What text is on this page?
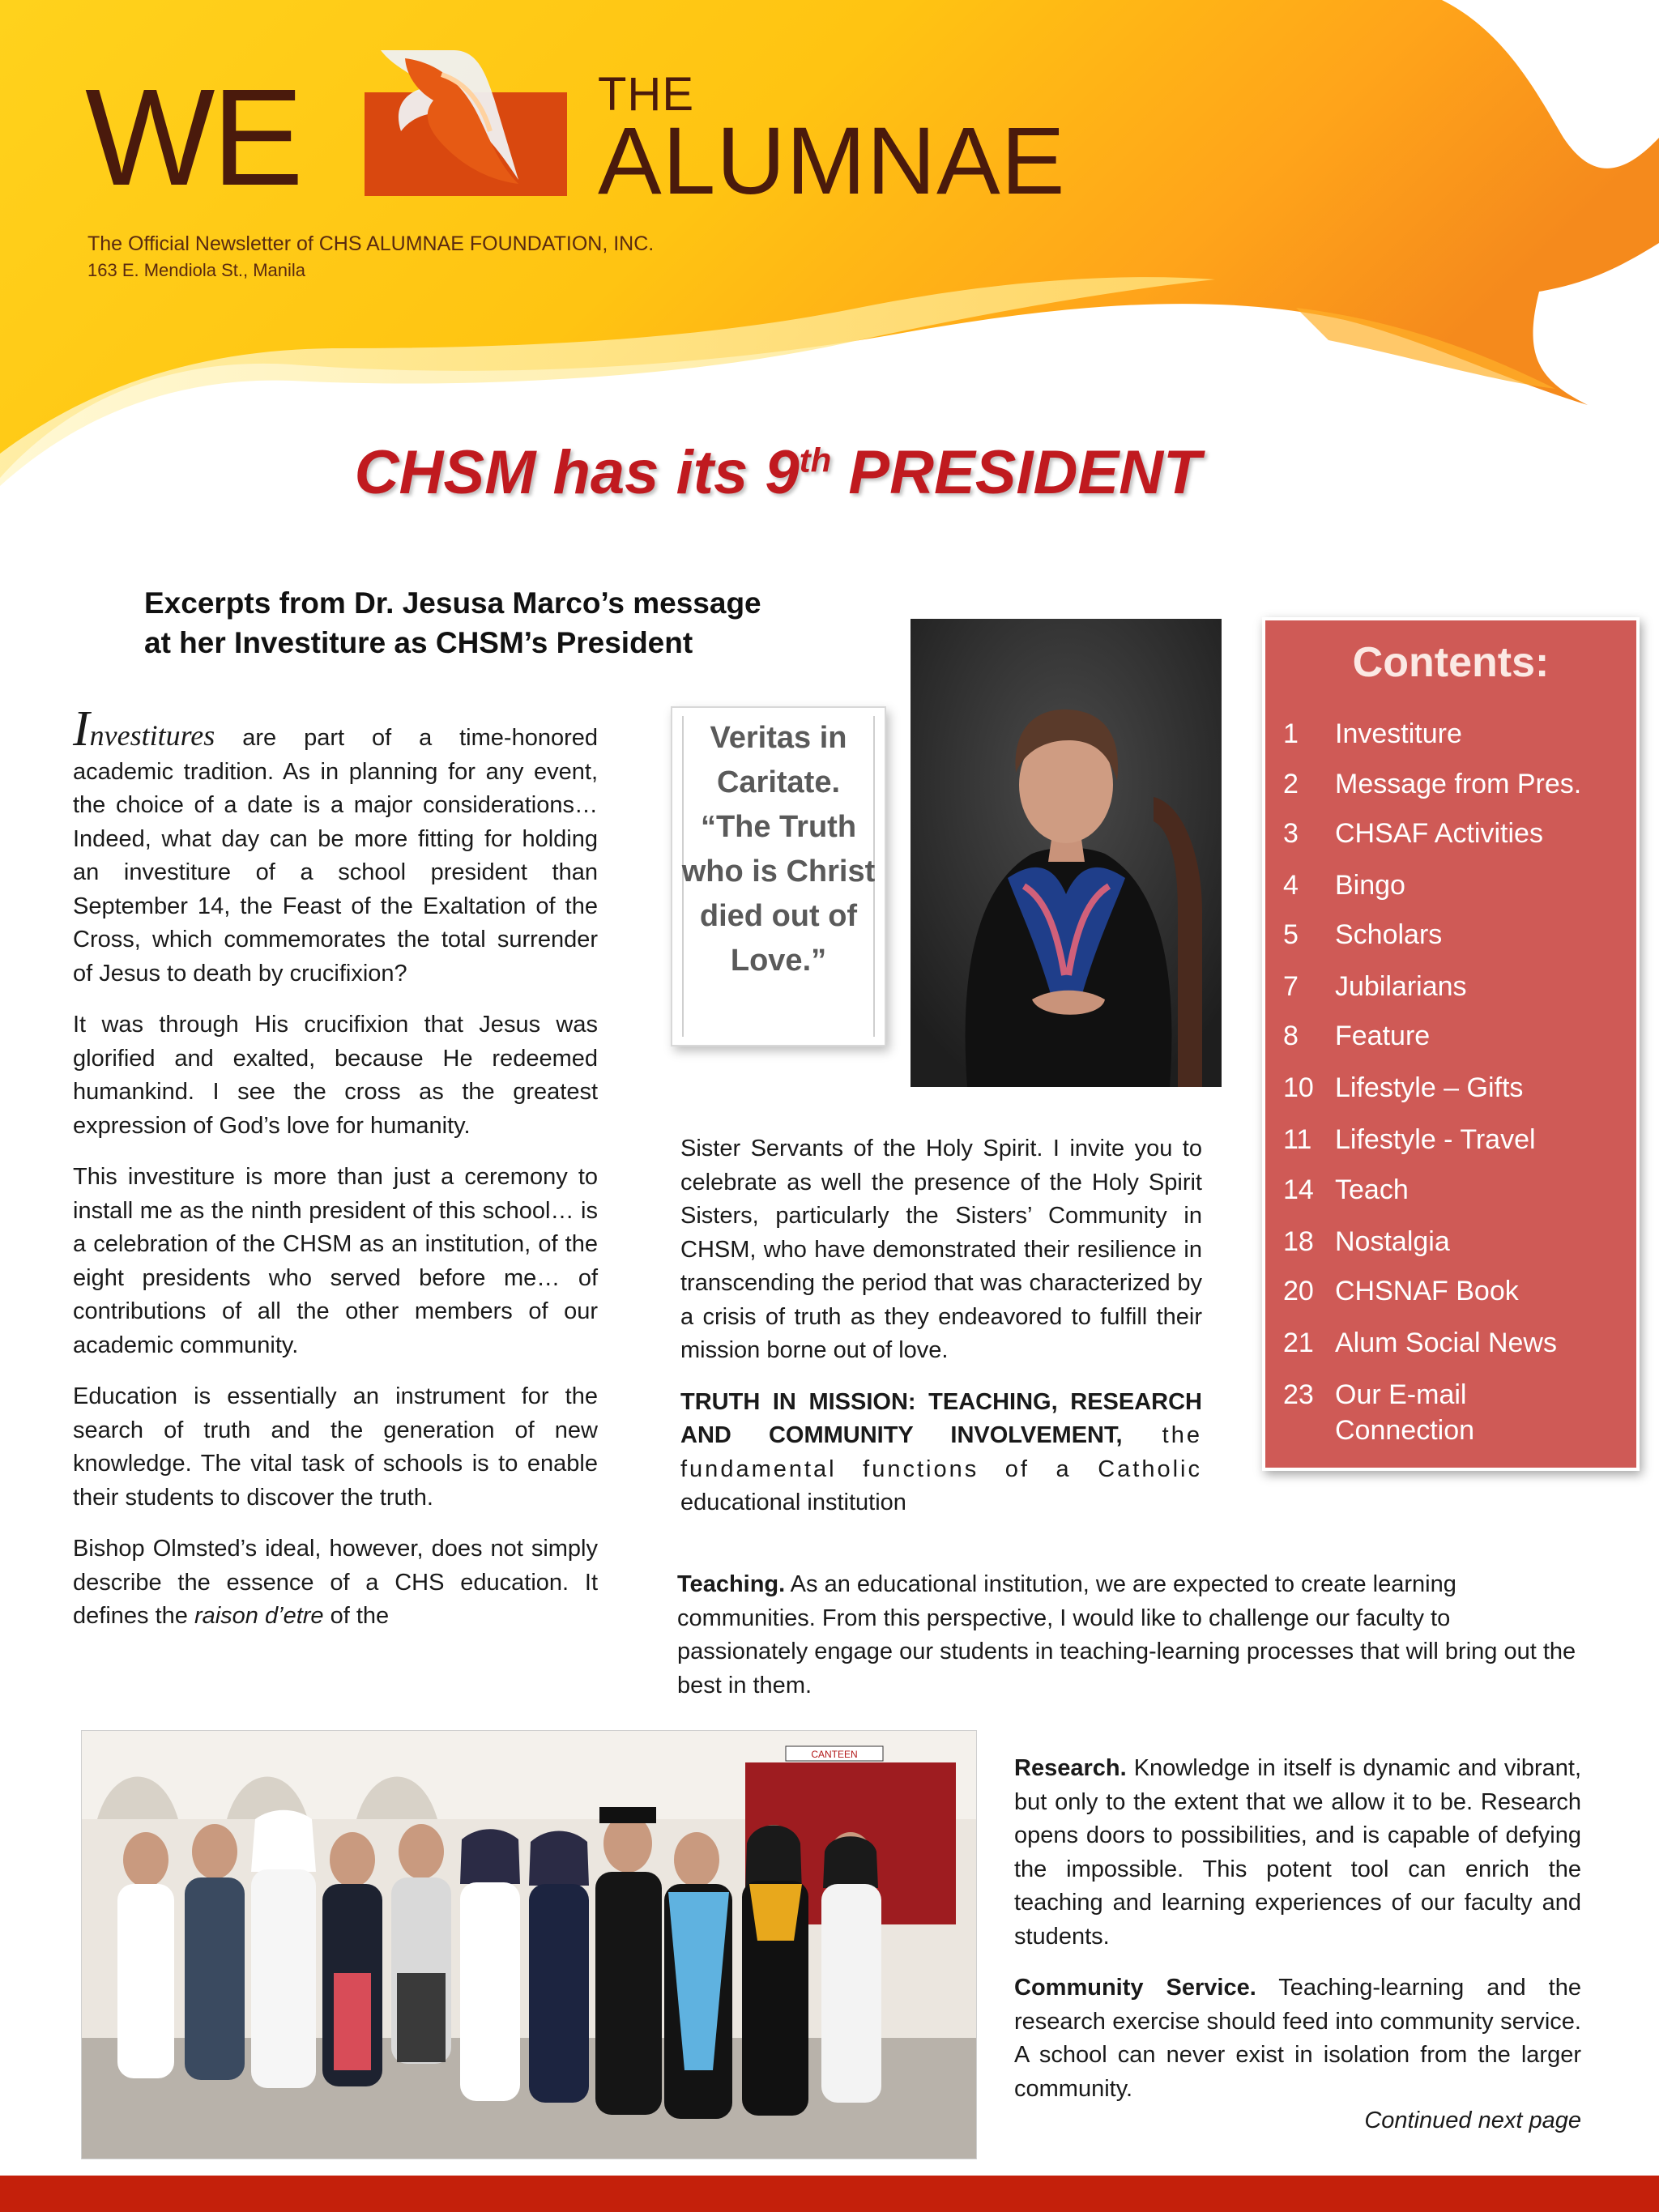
WE	THE
ALUMNAE
The Official Newsletter of CHS ALUMNAE FOUNDATION, INC.
163 E. Mendiola St., Manila
CHSM has its 9th PRESIDENT
Excerpts from Dr. Jesusa Marco’s message
at her Investiture as CHSM’s President

Investitures are part of a time-honored academic tradition. As in planning for any event, the choice of a date is a major considerations… Indeed, what day can be more fitting for holding an investiture of a school president than September 14, the Feast of the Exaltation of the Cross, which commemorates the total surrender of Jesus to death by crucifixion?

It was through His crucifixion that Jesus was glorified and exalted, because He redeemed humankind. I see the cross as the greatest expression of God’s love for humanity.

This investiture is more than just a ceremony to install me as the ninth president of this school… is a celebration of the CHSM as an institution, of the eight presidents who served before me… of contributions of all the other members of our academic community.

Education is essentially an instrument for the search of truth and the generation of new knowledge. The vital task of schools is to enable their students to discover the truth.

Bishop Olmsted’s ideal, however, does not simply describe the essence of a CHS education. It defines the raison d’etre of the

Veritas in Caritate. “The Truth who is Christ died out of Love.”

Sister Servants of the Holy Spirit. I invite you to celebrate as well the presence of the Holy Spirit Sisters, particularly the Sisters’ Community in CHSM, who have demonstrated their resilience in transcending the period that was characterized by a crisis of truth as they endeavored to fulfill their mission borne out of love.

TRUTH IN MISSION: TEACHING, RESEARCH AND COMMUNITY INVOLVEMENT, the fundamental functions of a Catholic educational institution

Teaching. As an educational institution, we are expected to create learning communities. From this perspective, I would like to challenge our faculty to passionately engage our students in teaching-learning processes that will bring out the best in them.

Contents:
1 Investiture
2Message from Pres.
3 CHSAF Activities
4 Bingo
5 Scholars
7 Jubilarians
8 Feature
10 Lifestyle – Gifts
11 Lifestyle - Travel
14 Teach
18 Nostalgia
20 CHSNAF Book
21 Alum Social News
23 Our E-mail Connection
CANTEEN

Research. Knowledge in itself is dynamic and vibrant, but only to the extent that we allow it to be. Research opens doors to possibilities, and is capable of defying the impossible. This potent tool can enrich the teaching and learning experiences of our faculty and students.

Community Service. Teaching-learning and the research exercise should feed into community service. A school can never exist in isolation from the larger community.

Continued next page
